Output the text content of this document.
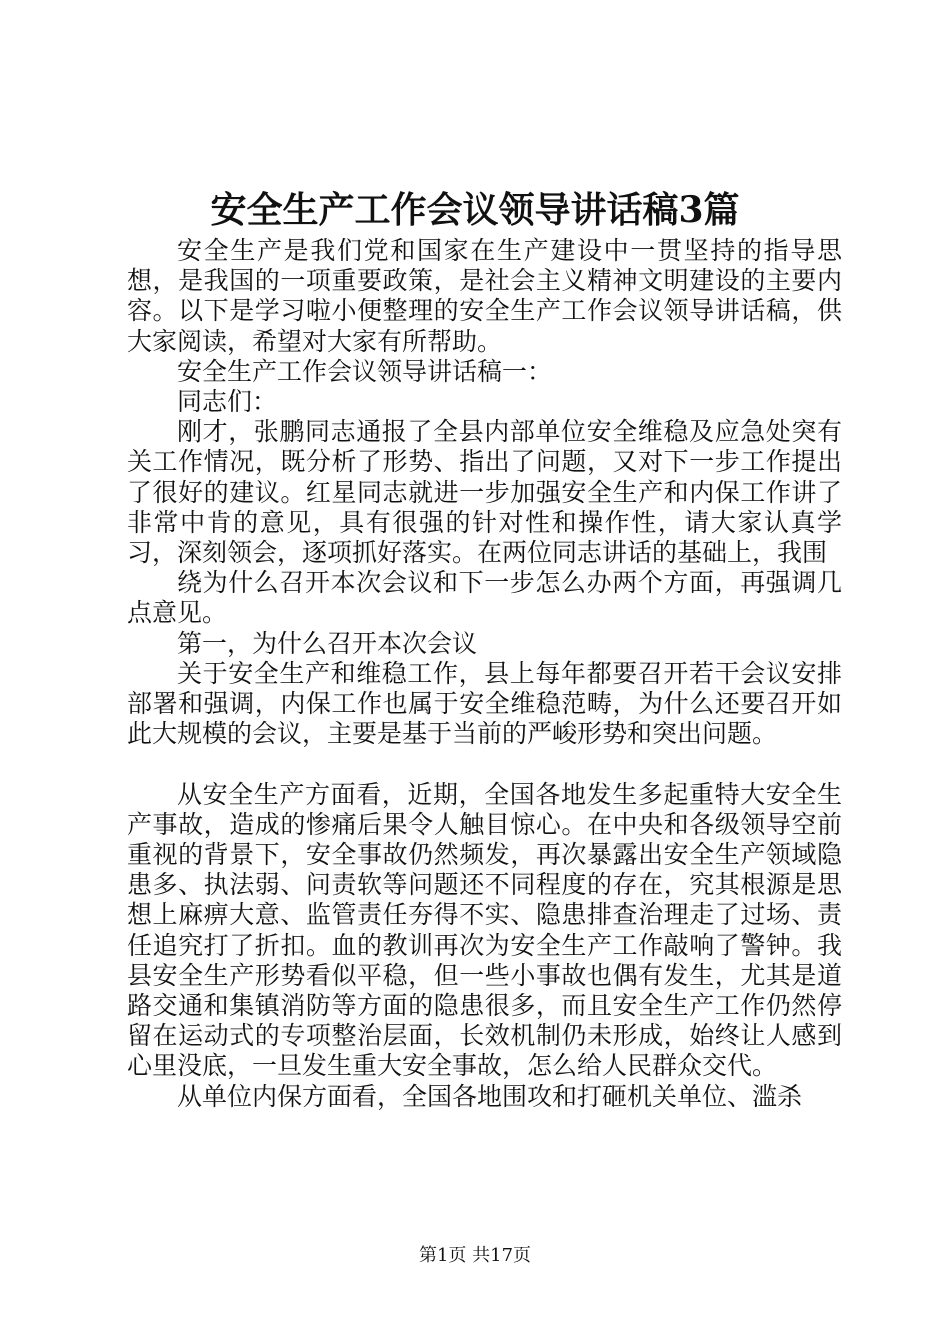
安全生产工作会议领导讲话稿3篇

安全生产是我们党和国家在生产建设中一贯坚持的指导思想，是我国的一项重要政策，是社会主义精神文明建设的主要内容。以下是学习啦小便整理的安全生产工作会议领导讲话稿，供大家阅读，希望对大家有所帮助。

安全生产工作会议领导讲话稿一：

同志们：

刚才，张鹏同志通报了全县内部单位安全维稳及应急处突有关工作情况，既分析了形势、指出了问题，又对下一步工作提出了很好的建议。红星同志就进一步加强安全生产和内保工作讲了非常中肯的意见，具有很强的针对性和操作性，请大家认真学习，深刻领会，逐项抓好落实。在两位同志讲话的基础上，我围

绕为什么召开本次会议和下一步怎么办两个方面，再强调几点意见。

第一，为什么召开本次会议

关于安全生产和维稳工作，县上每年都要召开若干会议安排部署和强调，内保工作也属于安全维稳范畴，为什么还要召开如此大规模的会议，主要是基于当前的严峻形势和突出问题。

从安全生产方面看，近期，全国各地发生多起重特大安全生产事故，造成的惨痛后果令人触目惊心。在中央和各级领导空前重视的背景下，安全事故仍然频发，再次暴露出安全生产领域隐患多、执法弱、问责软等问题还不同程度的存在，究其根源是思想上麻痹大意、监管责任夯得不实、隐患排查治理走了过场、责任追究打了折扣。血的教训再次为安全生产工作敲响了警钟。我县安全生产形势看似平稳，但一些小事故也偶有发生，尤其是道路交通和集镇消防等方面的隐患很多，而且安全生产工作仍然停留在运动式的专项整治层面，长效机制仍未形成，始终让人感到心里没底，一旦发生重大安全事故，怎么给人民群众交代。

从单位内保方面看，全国各地围攻和打砸机关单位、滥杀

第1页 共17页
